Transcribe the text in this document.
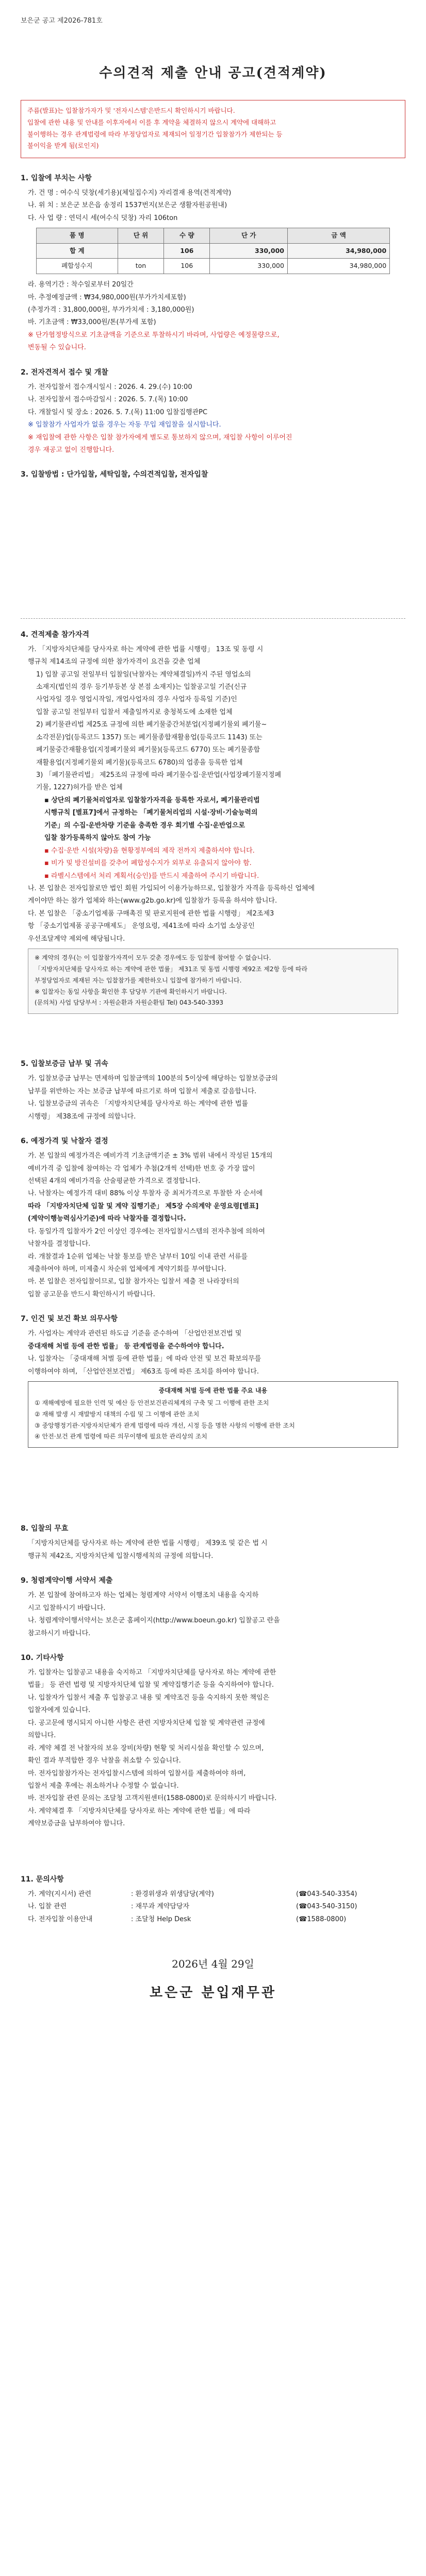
보은군 공고 제2026-781호
수의견적 제출 안내 공고(견적계약)

주름(발표)는 입찰참가자가 및 '전자시스템'은반드시 확인하시기 바랍니다.

입찰에 관한 내용 및 안내를 이후자에서 이를 후 계약을 체결하지 않으시 계약에 대해하고

불이행하는 경우 관계법령에 따라 부정당업자로 제재되어 일정기간 입찰참가가 제한되는 등

불이익을 받게 됨(로인지)

1. 입찰에 부치는 사항
가. 건 명 : 여수식 덧창(세기용)(체일집수지) 자리결재 용역(견적계약)
나. 위 치 : 보은군 보은읍 송정리 1537번지(보은군 생활자원공원내)
다. 사 업 량 : 연덕시 세(여수식 덧창) 자리 106ton
품 명	단 위	수 량	단 가	금 액
합 계		106	330,000	34,980,000
폐합성수지	ton	106	330,000	34,980,000
라. 용역기간 : 착수일로부터 20일간
마. 추정예정금액 : ₩34,980,000원(부가가치세포함)
(추정가격 : 31,800,000원, 부가가치세 : 3,180,000원)
바. 기초금액 : ₩33,000원/톤(부가세 포함)
※ 단가협정방식으로 기초금액을 기준으로 투찰하시기 바라며, 사업량은 예정물량으로,
변동될 수 있습니다.
2. 전자견적서 접수 및 개찰
가. 전자입찰서 접수개시일시 : 2026. 4. 29.(수) 10:00
나. 전자입찰서 접수마감일시 : 2026. 5. 7.(목) 10:00
다. 개찰일시 및 장소 : 2026. 5. 7.(목) 11:00 입찰집행관PC
※ 입찰참가 사업자가 없을 경우는 자동 무입 재입찰을 실시합니다.
※ 재입찰에 관한 사항은 입찰 참가자에게 별도로 통보하지 않으며, 재입찰 사항이 이루어진
경우 재공고 없이 진행합니다.
3. 입찰방법 : 단가입찰, 세탁입찰, 수의견적입찰, 전자입찰
4. 견적제출 참가자격
가. 「지방자치단체를 당사자로 하는 계약에 관한 법률 시행령」 13조 및 동령 시
행규칙 제14조의 규정에 의한 참가자격이 요건을 갖춘 업체
1) 입찰 공고일 전일부터 입찰일(낙찰자는 계약체결일)까지 주된 영업소의
소재지(법인의 경우 등기부등본 상 본점 소재지)는 입찰공고일 기준(신규
사업자일 경우 영업시작일, 개업사업자의 경우 사업자 등록일 기준)인
입찰 공고일 전일부터 입찰서 제출일까지로 충청북도에 소재한 업체
2) 폐기물관리법 제25조 규정에 의한 폐기물중간처분업(지정폐기물외 폐기물~
소각전문)업(등록코드 1357) 또는 폐기물종합재활용업(등록코드 1143) 또는
폐기물중간재활용업(지정폐기물외 폐기물)(등록코드 6770) 또는 폐기물종합
재활용업(지정폐기물외 폐기물)(등록코드 6780)의 업종을 등록한 업체
3) 「폐기물관리법」 제25조의 규정에 따라 폐기물수집·운반업(사업장폐기물지정폐
기물, 1227)허가를 받은 업체
▪ 상단의 폐기물처리업자로 입찰참가자격을 등록한 자로서, 폐기물관리법
시행규칙 [별표7]에서 규정하는 「폐기물처리업의 시설·장비·기술능력의
기준」의 수집·운반차량 기준을 충족한 경우 회기별 수집·운반업으로
입찰 참가등록하지 않아도 참여 가능
▪ 수집·운반 시설(차량)을 현황정부에의 제작 전까지 제출하셔야 합니다.
▪ 비가 및 방진설비를 갖추어 폐합성수지가 외부로 유출되지 않아야 함.
▪ 라벨시스템에서 처리 계획서(승인)를 반드시 제출하여 주시기 바랍니다.
나. 본 입찰은 전자입찰로만 법인 회원 가입되어 이용가능하므로, 입찰참가 자격을 등록하신 업체에
게이야만 하는 참가 업체와 하는(www.g2b.go.kr)에 입찰참가 등록을 하셔야 합니다.
다. 본 입찰은 「중소기업제품 구매촉진 및 판로지원에 관한 법률 시행령」 제2조제3
항 「중소기업제품 공공구매제도」 운영요령, 제41조에 따라 소기업 소상공인
우선조달계약 제외에 해당됩니다.

※ 계약의 경우(는 이 입찰참가자격이 모두 갖춘 경우에도 등 입찰에 참여할 수 없습니다.

「지방자치단체를 당사자로 하는 계약에 관한 법률」 제31조 및 동법 시행령 제92조 제2항 등에 따라

부정당업자로 제재된 자는 입찰참가를 제한하오니 입찰에 참가하기 바랍니다.

※ 입찰자는 동일 사항을 확인한 후 담당부 기관에 확인하시기 바랍니다.

(문의처) 사업 담당부서 : 자원순환과 자원순환팀 Tel) 043-540-3393

5. 입찰보증금 납부 및 귀속
가. 입찰보증금 납부는 면제하며 입찰금액의 100분의 5이상에 해당하는 입찰보증금의
납부를 위반하는 자는 보증금 납부에 따르기로 하며 입찰서 제출로 갈음합니다.
나. 입찰보증금의 귀속은 「지방자치단체를 당사자로 하는 계약에 관한 법률
시행령」 제38조에 규정에 의합니다.
6. 예정가격 및 낙찰자 결정
가. 본 입찰의 예정가격은 예비가격 기초금액기준 ± 3% 범위 내에서 작성된 15개의
예비가격 중 입찰에 참여하는 각 업체가 추첨(2개씩 선택)한 번호 중 가장 많이
선택된 4개의 예비가격을 산술평균한 가격으로 결정합니다.
나. 낙찰자는 예정가격 대비 88% 이상 투찰자 중 최저가격으로 투찰한 자 순서에
따라 「지방자치단체 입찰 및 계약 집행기준」 제5장 수의계약 운영요령[별표]
(계약이행능력심사기준)에 따라 낙찰자를 결정합니다.
다. 동일가격 입찰자가 2인 이상인 경우에는 전자입찰시스템의 전자추첨에 의하여
낙찰자를 결정합니다.
라. 개찰결과 1순위 업체는 낙찰 통보를 받은 날부터 10일 이내 관련 서류를
제출하여야 하며, 미제출시 차순위 업체에게 계약기회를 부여합니다.
마. 본 입찰은 전자입찰이므로, 입찰 참가자는 입찰서 제출 전 나라장터의
입찰 공고문을 반드시 확인하시기 바랍니다.
7. 인건 및 보건 확보 의무사항
가. 사업자는 계약과 관련된 하도급 기준을 준수하여 「산업안전보건법 및
중대재해 처벌 등에 관한 법률」 등 관계법령을 준수하여야 합니다.
나. 입찰자는 「중대재해 처벌 등에 관한 법률」에 따라 안전 및 보건 확보의무를
이행하여야 하며, 「산업안전보건법」 제63조 등에 따른 조치를 하여야 합니다.

중대재해 처벌 등에 관한 법률 주요 내용

① 재해예방에 필요한 인력 및 예산 등 안전보건관리체계의 구축 및 그 이행에 관한 조치

② 재해 발생 시 재발방지 대책의 수립 및 그 이행에 관한 조치

③ 중앙행정기관·지방자치단체가 관계 법령에 따라 개선, 시정 등을 명한 사항의 이행에 관한 조치

④ 안전·보건 관계 법령에 따른 의무이행에 필요한 관리상의 조치

8. 입찰의 무효
「지방자치단체를 당사자로 하는 계약에 관한 법률 시행령」 제39조 및 같은 법 시
행규칙 제42조, 지방자치단체 입찰시행세칙의 규정에 의합니다.
9. 청렴계약이행 서약서 제출
가. 본 입찰에 참여하고자 하는 업체는 청렴계약 서약서 이행조치 내용을 숙지하
시고 입찰하시기 바랍니다.
나. 청렴계약이행서약서는 보은군 홈페이지(http://www.boeun.go.kr) 입찰공고 란을
참고하시기 바랍니다.
10. 기타사항
가. 입찰자는 입찰공고 내용을 숙지하고 「지방자치단체를 당사자로 하는 계약에 관한
법률」 등 관련 법령 및 지방자치단체 입찰 및 계약집행기준 등을 숙지하여야 합니다.
나. 입찰자가 입찰서 제출 후 입찰공고 내용 및 계약조건 등을 숙지하지 못한 책임은
입찰자에게 있습니다.
다. 공고문에 명시되지 아니한 사항은 관련 지방자치단체 입찰 및 계약관련 규정에
의합니다.
라. 계약 체결 전 낙찰자의 보유 장비(차량) 현황 및 처리시설을 확인할 수 있으며,
확인 결과 부적합한 경우 낙찰을 취소할 수 있습니다.
마. 전자입찰참가자는 전자입찰시스템에 의하여 입찰서를 제출하여야 하며,
입찰서 제출 후에는 취소하거나 수정할 수 없습니다.
바. 전자입찰 관련 문의는 조달청 고객지원센터(1588-0800)로 문의하시기 바랍니다.
사. 계약체결 후 「지방자치단체를 당사자로 하는 계약에 관한 법률」에 따라
계약보증금을 납부하여야 합니다.
11. 문의사항
가. 계약(지시서) 관련	: 환경위생과 위생담당(계약)	(☎043-540-3354)
나. 입찰 관련	: 재무과 계약담당자	(☎043-540-3150)
다. 전자입찰 이용안내	: 조달청 Help Desk	(☎1588-0800)
2026년 4월 29일
보은군 분입재무관
